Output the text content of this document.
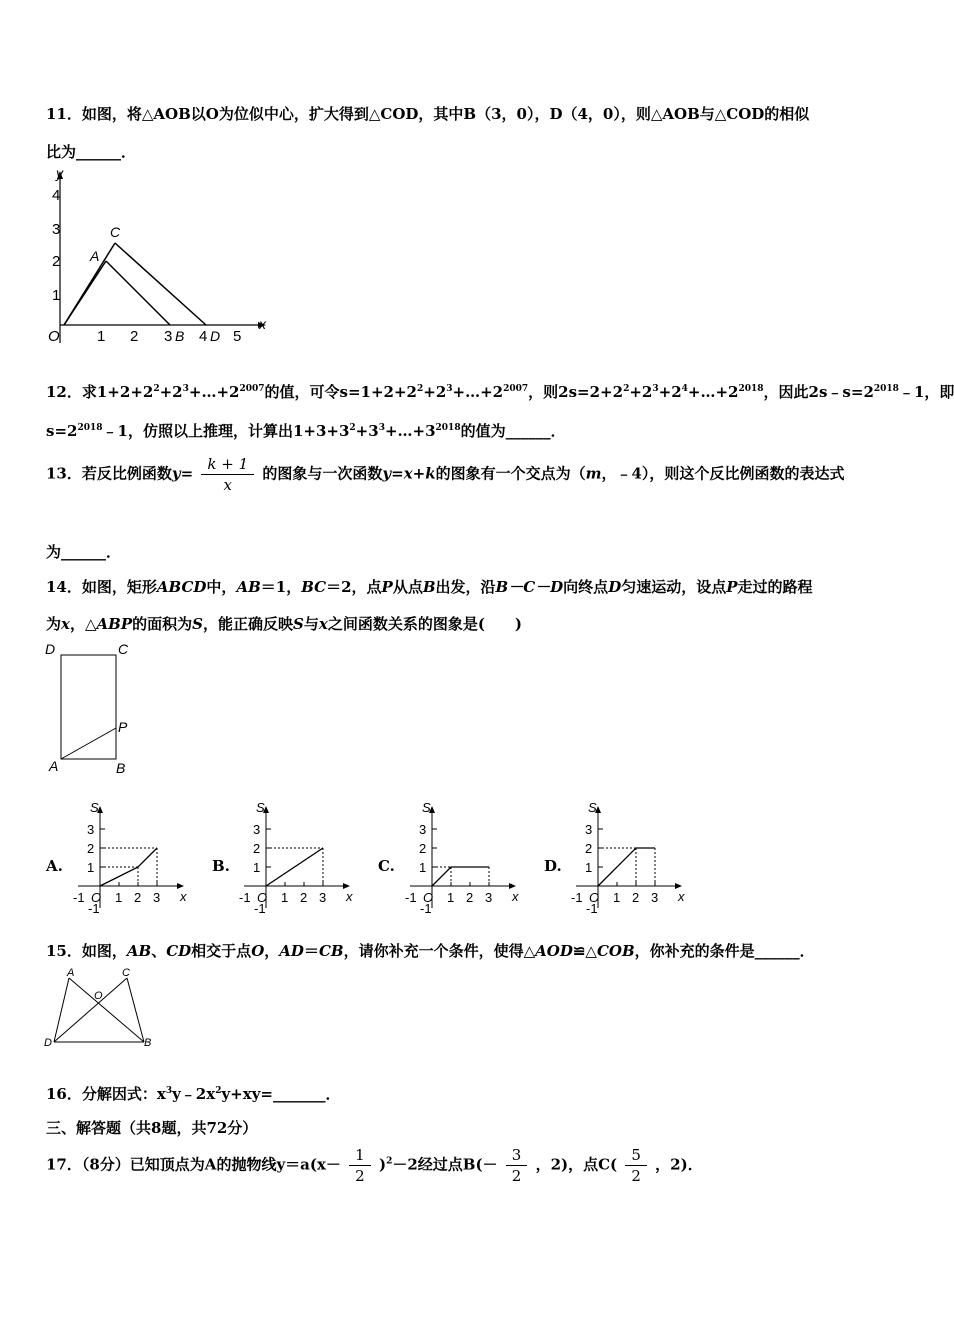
11．如图，将△AOB以O为位似中心，扩大得到△COD，其中B（3，0），D（4，0），则△AOB与△COD的相似
比为______．
y
x
4
3
2
1
1 2 3 4 5
O	B D
A
C
12．求$1+2+2^2+2^3+\dots+2^{2007}$的值，可令$s=1+2+2^2+2^3+\dots+2^{2007}$，则$2s=2+2^2+2^3+2^4+\dots+2^{2018}$，因此$2s﹣s=2^{2018}﹣1$，即
$s=2^{2018}﹣1$，仿照以上推理，计算出$1+3+3^2+3^3+\dots+3^{2018}$的值为______．
13．若反比例函数$y= \frac{k + 1}{x}$ 的图象与一次函数y=x+k的图象有一个交点为（m，﹣4），则这个反比例函数的表达式
为______．
14．如图，矩形ABCD中，AB＝1，BC＝2，点P从点B出发，沿B－C－D向终点D匀速运动，设点P走过的路程
为x，△ABP的面积为S，能正确反映S与x之间函数关系的图象是(　　)
D	C
P
A	B
A.	B.	C.	D.
S
x
3
2
1
-1 O
-1
1 2 3
S
x
3
2
1
-1 O
-1
1 2 3
S
x
3
2
1
-1 O
-1
1 2 3
S
x
3
2
1
-1 O
-1
1 2 3
15．如图，AB、CD相交于点O，AD＝CB，请你补充一个条件，使得△AOD≌△COB，你补充的条件是______．
A	C
O
D	B
16．分解因式：$x^3y﹣2x^2y+xy=\_\_\_\_\_\_\_$．
三、解答题（共8题，共72分）
17．（8分）已知顶点为A的抛物线$y=a(x- \frac{1}{2} )^2-2$经过点$B(- \frac{3}{2}$ ，2)，点$C( \frac{5}{2}$ ，2)．
